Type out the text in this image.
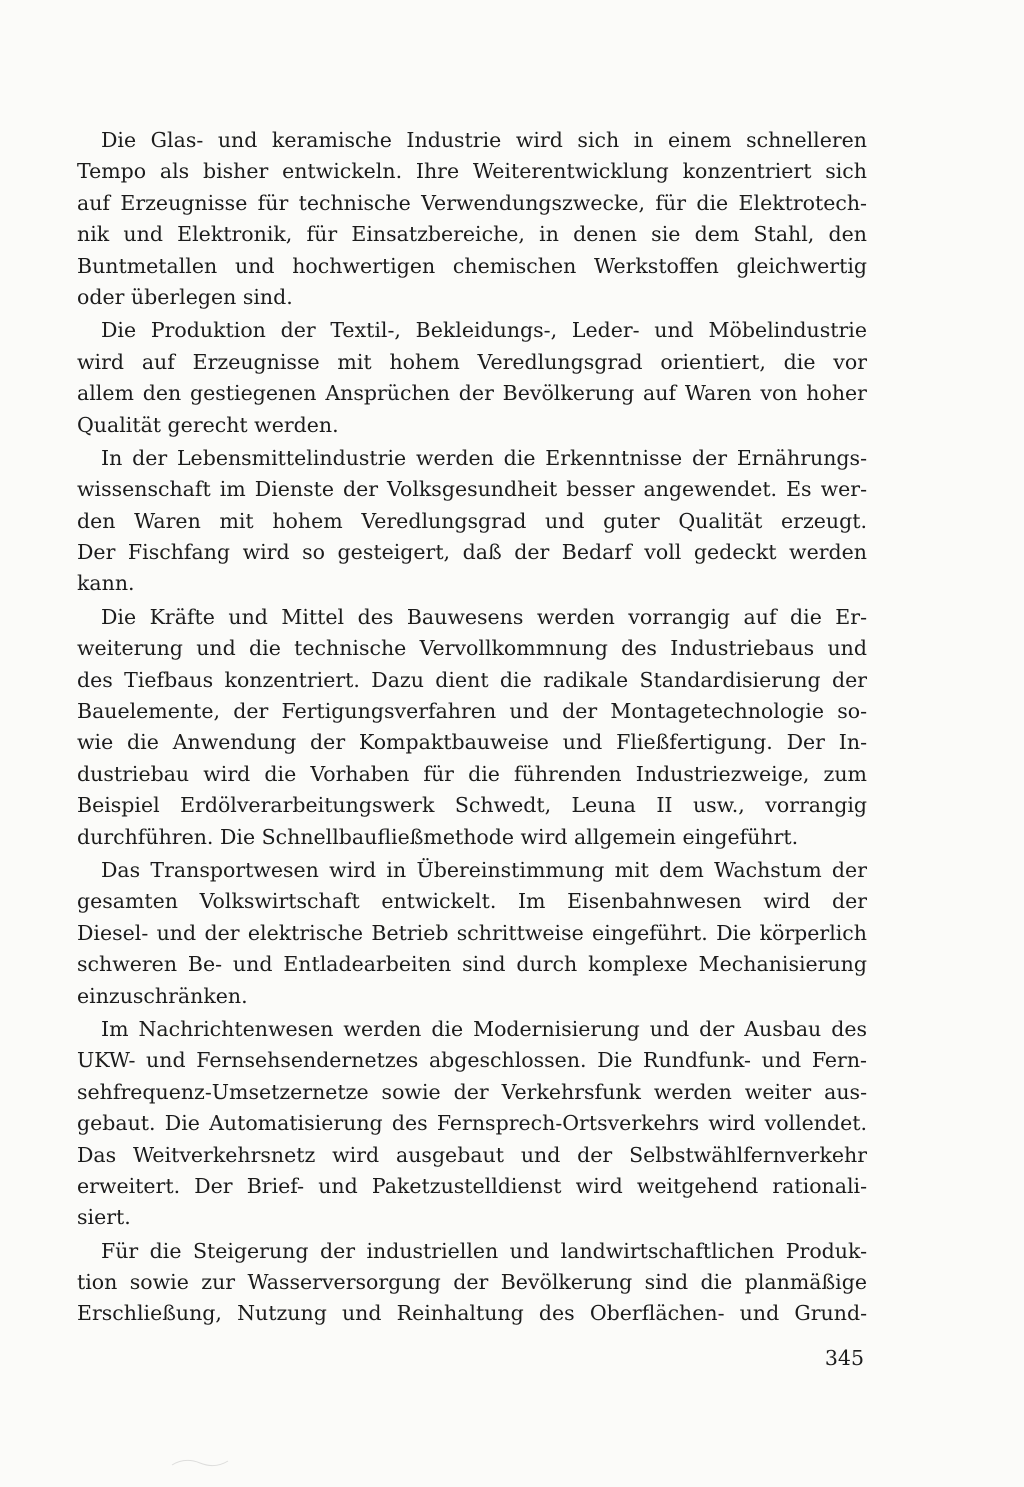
Die Glas- und keramische Industrie wird sich in einem schnelleren
Tempo als bisher entwickeln. Ihre Weiterentwicklung konzentriert sich
auf Erzeugnisse für technische Verwendungszwecke, für die Elektrotech-
nik und Elektronik, für Einsatzbereiche, in denen sie dem Stahl, den
Buntmetallen und hochwertigen chemischen Werkstoffen gleichwertig
oder überlegen sind.
Die Produktion der Textil-, Bekleidungs-, Leder- und Möbelindustrie
wird auf Erzeugnisse mit hohem Veredlungsgrad orientiert, die vor
allem den gestiegenen Ansprüchen der Bevölkerung auf Waren von hoher
Qualität gerecht werden.
In der Lebensmittelindustrie werden die Erkenntnisse der Ernährungs-
wissenschaft im Dienste der Volksgesundheit besser angewendet. Es wer-
den Waren mit hohem Veredlungsgrad und guter Qualität erzeugt.
Der Fischfang wird so gesteigert, daß der Bedarf voll gedeckt werden
kann.
Die Kräfte und Mittel des Bauwesens werden vorrangig auf die Er-
weiterung und die technische Vervollkommnung des Industriebaus und
des Tiefbaus konzentriert. Dazu dient die radikale Standardisierung der
Bauelemente, der Fertigungsverfahren und der Montagetechnologie so-
wie die Anwendung der Kompaktbauweise und Fließfertigung. Der In-
dustriebau wird die Vorhaben für die führenden Industriezweige, zum
Beispiel Erdölverarbeitungswerk Schwedt, Leuna II usw., vorrangig
durchführen. Die Schnellbaufließmethode wird allgemein eingeführt.
Das Transportwesen wird in Übereinstimmung mit dem Wachstum der
gesamten Volkswirtschaft entwickelt. Im Eisenbahnwesen wird der
Diesel- und der elektrische Betrieb schrittweise eingeführt. Die körperlich
schweren Be- und Entladearbeiten sind durch komplexe Mechanisierung
einzuschränken.
Im Nachrichtenwesen werden die Modernisierung und der Ausbau des
UKW- und Fernsehsendernetzes abgeschlossen. Die Rundfunk- und Fern-
sehfrequenz-Umsetzernetze sowie der Verkehrsfunk werden weiter aus-
gebaut. Die Automatisierung des Fernsprech-Ortsverkehrs wird vollendet.
Das Weitverkehrsnetz wird ausgebaut und der Selbstwählfernverkehr
erweitert. Der Brief- und Paketzustelldienst wird weitgehend rationali-
siert.
Für die Steigerung der industriellen und landwirtschaftlichen Produk-
tion sowie zur Wasserversorgung der Bevölkerung sind die planmäßige
Erschließung, Nutzung und Reinhaltung des Oberflächen- und Grund-
345
